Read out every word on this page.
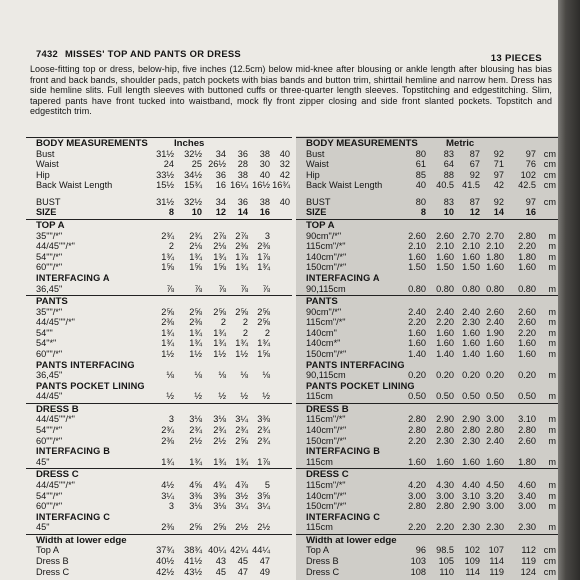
7432 MISSES' TOP AND PANTS OR DRESS	13 PIECES
Loose-fitting top or dress, below-hip, five inches (12.5cm) below mid-knee after blousing or ankle length after blousing has bias front and back bands, shoulder pads, patch pockets with bias bands and button trim, shirttail hemline and narrow hem. Dress has side hemline slits. Full length sleeves with buttoned cuffs or three-quarter length sleeves. Topstitching and edgestitching. Slim, tapered pants have front tucked into waistband, mock fly front zipper closing and side front slanted pockets. Topstitch and edgestitch trim.
BODY MEASUREMENTS	Inches
Bust	31½ 32½ 34 36 38 40
Waist	24 25 26½ 28 30 32
Hip	33½ 34½ 36 38 40 42
Back Waist Length	15½ 15¾ 16 16¼ 16½ 16¾
BUST	31½ 32½ 34 36 38 40
SIZE	8 10 12 14 16
TOP A
35""/*"	2¾ 2¾ 2⅞ 2⅞ 3
44/45""/*"	2 2⅛ 2⅛ 2⅜ 2⅜
54""/*"	1¾ 1¾ 1¾ 1⅞ 1⅞
60""/*"	1⅝ 1⅝ 1⅝ 1¾ 1¾
INTERFACING A
36,45"	⅞ ⅞ ⅞ ⅞ ⅞
PANTS
35""/*"	2⅝ 2⅝ 2⅝ 2⅝ 2⅝
44/45""/*"	2⅜ 2⅜ 2 2 2⅝
54""	1¾ 1¾ 1¾ 2 2
54"*"	1¾ 1¾ 1¾ 1¾ 1¾
60""/*"	1½ 1½ 1½ 1½ 1⅝
PANTS INTERFACING
36,45"	⅛ ⅛ ⅛ ⅛ ⅛
PANTS POCKET LINING
44/45"	½ ½ ½ ½ ½
DRESS B
44/45""/*"	3 3⅛ 3⅛ 3¼ 3⅜
54""/*"	2¾ 2¾ 2¾ 2¾ 2¾
60""/*"	2⅜ 2½ 2½ 2⅝ 2¾
INTERFACING B
45"	1¾ 1¾ 1¾ 1¾ 1⅞
DRESS C
44/45""/*"	4½ 4⅝ 4¾ 4⅞ 5
54""/*"	3¼ 3⅜ 3⅜ 3½ 3⅝
60""/*"	3 3⅛ 3⅛ 3¼ 3¼
INTERFACING C
45"	2⅜ 2⅝ 2⅝ 2½ 2½
Width at lower edge
Top A	37¾ 38¾ 40¼ 42¼ 44¼
Dress B	40½ 41½ 43 45 47
Dress C	42½ 43½ 45 47 49
BODY MEASUREMENTS	Metric
Bust	80 83 87 92 97 cm
Waist	61 64 67 71 76 cm
Hip	85 88 92 97 102 cm
Back Waist Length	40 40.5 41.5 42 42.5 cm
BUST	80 83 87 92 97 cm
SIZE	8 10 12 14 16
TOP A
90cm"/*"	2.60 2.60 2.70 2.70 2.80 m
115cm"/*"	2.10 2.10 2.10 2.10 2.20 m
140cm"/*"	1.60 1.60 1.60 1.80 1.80 m
150cm"/*"	1.50 1.50 1.50 1.60 1.60 m
INTERFACING A
90,115cm	0.80 0.80 0.80 0.80 0.80 m
PANTS
90cm"/*"	2.40 2.40 2.40 2.60 2.60 m
115cm"/*"	2.20 2.20 2.30 2.40 2.60 m
140cm"	1.60 1.60 1.60 1.90 2.20 m
140cm*"	1.60 1.60 1.60 1.60 1.60 m
150cm"/*"	1.40 1.40 1.40 1.60 1.60 m
PANTS INTERFACING
90,115cm	0.20 0.20 0.20 0.20 0.20 m
PANTS POCKET LINING
115cm	0.50 0.50 0.50 0.50 0.50 m
DRESS B
115cm"/*"	2.80 2.90 2.90 3.00 3.10 m
140cm"/*"	2.80 2.80 2.80 2.80 2.80 m
150cm"/*"	2.20 2.30 2.30 2.40 2.60 m
INTERFACING B
115cm	1.60 1.60 1.60 1.60 1.80 m
DRESS C
115cm"/*"	4.20 4.30 4.40 4.50 4.60 m
140cm"/*"	3.00 3.00 3.10 3.20 3.40 m
150cm"/*"	2.80 2.80 2.90 3.00 3.00 m
INTERFACING C
115cm	2.20 2.20 2.30 2.30 2.30 m
Width at lower edge
Top A	96 98.5 102 107 112 cm
Dress B	103 105 109 114 119 cm
Dress C	108 110 114 119 124 cm
